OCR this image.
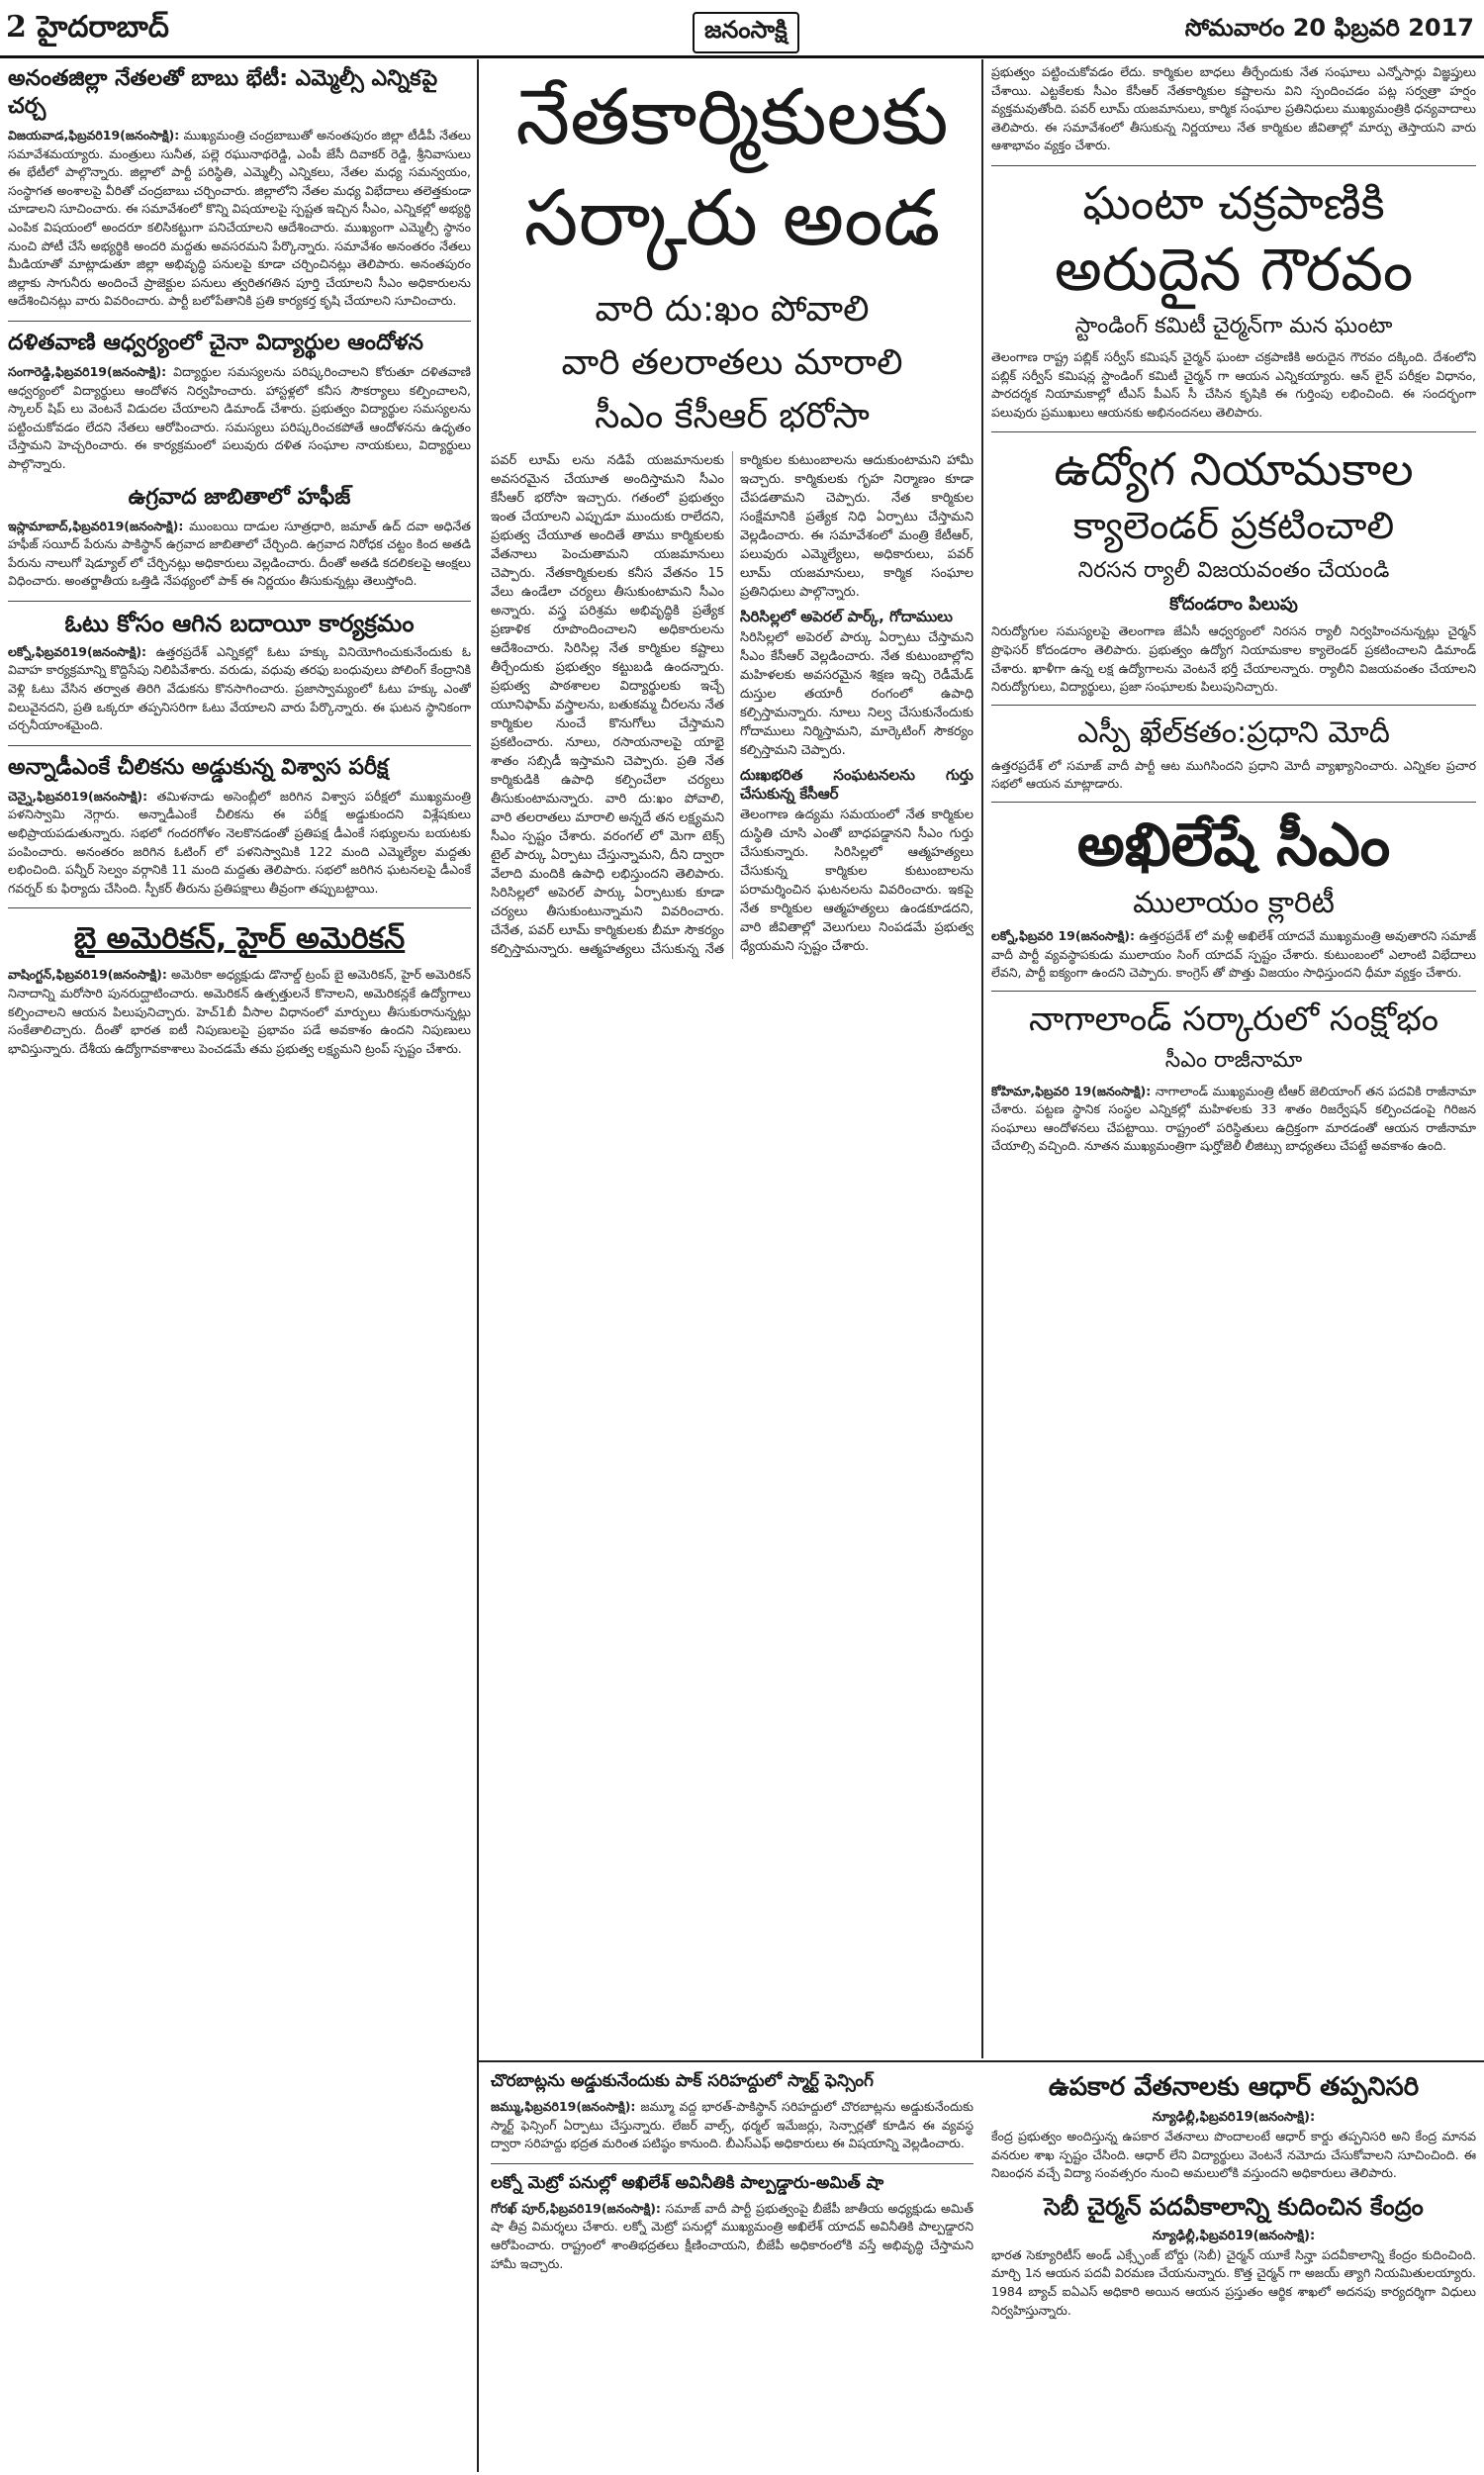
2 హైదరాబాద్	జనంసాక్షి	సోమవారం 20 ఫిబ్రవరి 2017
అనంతజిల్లా నేతలతో బాబు భేటీ: ఎమ్మెల్సీ ఎన్నికపై చర్చ
విజయవాడ,ఫిబ్రవరి19(జనంసాక్షి): ముఖ్యమంత్రి చంద్రబాబుతో అనంతపురం జిల్లా టీడీపీ నేతలు సమావేశమయ్యారు. మంత్రులు సునీత, పల్లె రఘునాథరెడ్డి, ఎంపీ జేసీ దివాకర్ రెడ్డి, శ్రీనివాసులు ఈ భేటీలో పాల్గొన్నారు. జిల్లాలో పార్టీ పరిస్థితి, ఎమ్మెల్సీ ఎన్నికలు, నేతల మధ్య సమన్వయం, సంస్థాగత అంశాలపై వీరితో చంద్రబాబు చర్చించారు. జిల్లాలోని నేతల మధ్య విభేదాలు తలెత్తకుండా చూడాలని సూచించారు. ఈ సమావేశంలో కొన్ని విషయాలపై స్పష్టత ఇచ్చిన సీఎం, ఎన్నికల్లో అభ్యర్థి ఎంపిక విషయంలో అందరూ కలిసికట్టుగా పనిచేయాలని ఆదేశించారు. ముఖ్యంగా ఎమ్మెల్సీ స్థానం నుంచి పోటీ చేసే అభ్యర్థికి అందరి మద్దతు అవసరమని పేర్కొన్నారు. సమావేశం అనంతరం నేతలు మీడియాతో మాట్లాడుతూ జిల్లా అభివృద్ధి పనులపై కూడా చర్చించినట్లు తెలిపారు. అనంతపురం జిల్లాకు సాగునీరు అందించే ప్రాజెక్టుల పనులు త్వరితగతిన పూర్తి చేయాలని సీఎం అధికారులను ఆదేశించినట్లు వారు వివరించారు. పార్టీ బలోపేతానికి ప్రతి కార్యకర్త కృషి చేయాలని సూచించారు.
దళితవాణి ఆధ్వర్యంలో చైనా విద్యార్థుల ఆందోళన
సంగారెడ్డి,ఫిబ్రవరి19(జనంసాక్షి): విద్యార్థుల సమస్యలను పరిష్కరించాలని కోరుతూ దళితవాణి ఆధ్వర్యంలో విద్యార్థులు ఆందోళన నిర్వహించారు. హాస్టళ్లలో కనీస సౌకర్యాలు కల్పించాలని, స్కాలర్ షిప్ లు వెంటనే విడుదల చేయాలని డిమాండ్ చేశారు. ప్రభుత్వం విద్యార్థుల సమస్యలను పట్టించుకోవడం లేదని నేతలు ఆరోపించారు. సమస్యలు పరిష్కరించకపోతే ఆందోళనను ఉధృతం చేస్తామని హెచ్చరించారు. ఈ కార్యక్రమంలో పలువురు దళిత సంఘాల నాయకులు, విద్యార్థులు పాల్గొన్నారు.
ఉగ్రవాద జాబితాలో హఫీజ్
ఇస్లామాబాద్,ఫిబ్రవరి19(జనంసాక్షి): ముంబయి దాడుల సూత్రధారి, జమాత్ ఉద్ దవా అధినేత హఫీజ్ సయీద్ పేరును పాకిస్థాన్ ఉగ్రవాద జాబితాలో చేర్చింది. ఉగ్రవాద నిరోధక చట్టం కింద అతడి పేరును నాలుగో షెడ్యూల్ లో చేర్చినట్లు అధికారులు వెల్లడించారు. దీంతో అతడి కదలికలపై ఆంక్షలు విధించారు. అంతర్జాతీయ ఒత్తిడి నేపథ్యంలో పాక్ ఈ నిర్ణయం తీసుకున్నట్లు తెలుస్తోంది.
ఓటు కోసం ఆగిన బదాయీ కార్యక్రమం
లక్నో,ఫిబ్రవరి19(జనంసాక్షి): ఉత్తరప్రదేశ్ ఎన్నికల్లో ఓటు హక్కు వినియోగించుకునేందుకు ఓ వివాహ కార్యక్రమాన్ని కొద్దిసేపు నిలిపివేశారు. వరుడు, వధువు తరఫు బంధువులు పోలింగ్ కేంద్రానికి వెళ్లి ఓటు వేసిన తర్వాత తిరిగి వేడుకను కొనసాగించారు. ప్రజాస్వామ్యంలో ఓటు హక్కు ఎంతో విలువైనదని, ప్రతి ఒక్కరూ తప్పనిసరిగా ఓటు వేయాలని వారు పేర్కొన్నారు. ఈ ఘటన స్థానికంగా చర్చనీయాంశమైంది.
అన్నాడీఎంకే చీలికను అడ్డుకున్న విశ్వాస పరీక్ష
చెన్నై,ఫిబ్రవరి19(జనంసాక్షి): తమిళనాడు అసెంబ్లీలో జరిగిన విశ్వాస పరీక్షలో ముఖ్యమంత్రి పళనిస్వామి నెగ్గారు. అన్నాడీఎంకే చీలికను ఈ పరీక్ష అడ్డుకుందని విశ్లేషకులు అభిప్రాయపడుతున్నారు. సభలో గందరగోళం నెలకొనడంతో ప్రతిపక్ష డీఎంకే సభ్యులను బయటకు పంపించారు. అనంతరం జరిగిన ఓటింగ్ లో పళనిస్వామికి 122 మంది ఎమ్మెల్యేల మద్దతు లభించింది. పన్నీర్ సెల్వం వర్గానికి 11 మంది మద్దతు తెలిపారు. సభలో జరిగిన ఘటనలపై డీఎంకే గవర్నర్ కు ఫిర్యాదు చేసింది. స్పీకర్ తీరును ప్రతిపక్షాలు తీవ్రంగా తప్పుబట్టాయి.
బై అమెరికన్, హైర్ అమెరికన్
వాషింగ్టన్,ఫిబ్రవరి19(జనంసాక్షి): అమెరికా అధ్యక్షుడు డొనాల్డ్ ట్రంప్ బై అమెరికన్, హైర్ అమెరికన్ నినాదాన్ని మరోసారి పునరుద్ఘాటించారు. అమెరికన్ ఉత్పత్తులనే కొనాలని, అమెరికన్లకే ఉద్యోగాలు కల్పించాలని ఆయన పిలుపునిచ్చారు. హెచ్1బీ వీసాల విధానంలో మార్పులు తీసుకురానున్నట్లు సంకేతాలిచ్చారు. దీంతో భారత ఐటీ నిపుణులపై ప్రభావం పడే అవకాశం ఉందని నిపుణులు భావిస్తున్నారు. దేశీయ ఉద్యోగావకాశాలు పెంచడమే తమ ప్రభుత్వ లక్ష్యమని ట్రంప్ స్పష్టం చేశారు.
నేతకార్మికులకు
సర్కారు అండ
వారి దు:ఖం పోవాలి
వారి తలరాతలు మారాలి
సీఎం కేసీఆర్ భరోసా
పవర్ లూమ్ లను నడిపే యజమానులకు అవసరమైన చేయూత అందిస్తామని సీఎం కేసీఆర్ భరోసా ఇచ్చారు. గతంలో ప్రభుత్వం ఇంత చేయాలని ఎప్పుడూ ముందుకు రాలేదని, ప్రభుత్వ చేయూత అందితే తాము కార్మికులకు వేతనాలు పెంచుతామని యజమానులు చెప్పారు. నేతకార్మికులకు కనీస వేతనం 15 వేలు ఉండేలా చర్యలు తీసుకుంటామని సీఎం అన్నారు. వస్త్ర పరిశ్రమ అభివృద్ధికి ప్రత్యేక ప్రణాళిక రూపొందించాలని అధికారులను ఆదేశించారు. సిరిసిల్ల నేత కార్మికుల కష్టాలు తీర్చేందుకు ప్రభుత్వం కట్టుబడి ఉందన్నారు. ప్రభుత్వ పాఠశాలల విద్యార్థులకు ఇచ్చే యూనిఫామ్ వస్త్రాలను, బతుకమ్మ చీరలను నేత కార్మికుల నుంచే కొనుగోలు చేస్తామని ప్రకటించారు. నూలు, రసాయనాలపై యాభై శాతం సబ్సిడీ ఇస్తామని చెప్పారు. ప్రతి నేత కార్మికుడికి ఉపాధి కల్పించేలా చర్యలు తీసుకుంటామన్నారు. వారి దు:ఖం పోవాలి, వారి తలరాతలు మారాలి అన్నదే తన లక్ష్యమని సీఎం స్పష్టం చేశారు. వరంగల్ లో మెగా టెక్స్ టైల్ పార్కు ఏర్పాటు చేస్తున్నామని, దీని ద్వారా వేలాది మందికి ఉపాధి లభిస్తుందని తెలిపారు. సిరిసిల్లలో అపెరల్ పార్కు ఏర్పాటుకు కూడా చర్యలు తీసుకుంటున్నామని వివరించారు. చేనేత, పవర్ లూమ్ కార్మికులకు బీమా సౌకర్యం కల్పిస్తామన్నారు. ఆత్మహత్యలు చేసుకున్న నేత కార్మికుల కుటుంబాలను ఆదుకుంటామని హామీ ఇచ్చారు. కార్మికులకు గృహ నిర్మాణం కూడా చేపడతామని చెప్పారు. నేత కార్మికుల సంక్షేమానికి ప్రత్యేక నిధి ఏర్పాటు చేస్తామని వెల్లడించారు. ఈ సమావేశంలో మంత్రి కేటీఆర్, పలువురు ఎమ్మెల్యేలు, అధికారులు, పవర్ లూమ్ యజమానులు, కార్మిక సంఘాల ప్రతినిధులు పాల్గొన్నారు.
సిరిసిల్లలో అపెరల్ పార్క్, గోదాములు
సిరిసిల్లలో అపెరల్ పార్కు ఏర్పాటు చేస్తామని సీఎం కేసీఆర్ వెల్లడించారు. నేత కుటుంబాల్లోని మహిళలకు అవసరమైన శిక్షణ ఇచ్చి రెడీమేడ్ దుస్తుల తయారీ రంగంలో ఉపాధి కల్పిస్తామన్నారు. నూలు నిల్వ చేసుకునేందుకు గోదాములు నిర్మిస్తామని, మార్కెటింగ్ సౌకర్యం కల్పిస్తామని చెప్పారు.
దుఃఖభరిత సంఘటనలను గుర్తు చేసుకున్న కేసీఆర్
తెలంగాణ ఉద్యమ సమయంలో నేత కార్మికుల దుస్థితి చూసి ఎంతో బాధపడ్డానని సీఎం గుర్తు చేసుకున్నారు. సిరిసిల్లలో ఆత్మహత్యలు చేసుకున్న కార్మికుల కుటుంబాలను పరామర్శించిన ఘటనలను వివరించారు. ఇకపై నేత కార్మికుల ఆత్మహత్యలు ఉండకూడదని, వారి జీవితాల్లో వెలుగులు నింపడమే ప్రభుత్వ ధ్యేయమని స్పష్టం చేశారు.
చొరబాట్లను అడ్డుకునేందుకు పాక్ సరిహద్దులో స్మార్ట్ ఫెన్సింగ్
జమ్ము,ఫిబ్రవరి19(జనంసాక్షి): జమ్మూ వద్ద భారత్-పాకిస్థాన్ సరిహద్దులో చొరబాట్లను అడ్డుకునేందుకు స్మార్ట్ ఫెన్సింగ్ ఏర్పాటు చేస్తున్నారు. లేజర్ వాల్స్, థర్మల్ ఇమేజర్లు, సెన్సార్లతో కూడిన ఈ వ్యవస్థ ద్వారా సరిహద్దు భద్రత మరింత పటిష్ఠం కానుంది. బీఎస్ఎఫ్ అధికారులు ఈ విషయాన్ని వెల్లడించారు.
లక్నో మెట్రో పనుల్లో అఖిలేశ్ అవినీతికి పాల్పడ్డారు-అమిత్ షా
గోరఖ్ పూర్,ఫిబ్రవరి19(జనంసాక్షి): సమాజ్ వాదీ పార్టీ ప్రభుత్వంపై బీజేపీ జాతీయ అధ్యక్షుడు అమిత్ షా తీవ్ర విమర్శలు చేశారు. లక్నో మెట్రో పనుల్లో ముఖ్యమంత్రి అఖిలేశ్ యాదవ్ అవినీతికి పాల్పడ్డారని ఆరోపించారు. రాష్ట్రంలో శాంతిభద్రతలు క్షీణించాయని, బీజేపీ అధికారంలోకి వస్తే అభివృద్ధి చేస్తామని హామీ ఇచ్చారు.
ప్రభుత్వం పట్టించుకోవడం లేదు. కార్మికుల బాధలు తీర్చేందుకు నేత సంఘాలు ఎన్నోసార్లు విజ్ఞప్తులు చేశాయి. ఎట్టకేలకు సీఎం కేసీఆర్ నేతకార్మికుల కష్టాలను విని స్పందించడం పట్ల సర్వత్రా హర్షం వ్యక్తమవుతోంది. పవర్ లూమ్ యజమానులు, కార్మిక సంఘాల ప్రతినిధులు ముఖ్యమంత్రికి ధన్యవాదాలు తెలిపారు. ఈ సమావేశంలో తీసుకున్న నిర్ణయాలు నేత కార్మికుల జీవితాల్లో మార్పు తెస్తాయని వారు ఆశాభావం వ్యక్తం చేశారు.
ఘంటా చక్రపాణికి
అరుదైన గౌరవం
స్టాండింగ్ కమిటీ చైర్మన్‌గా మన ఘంటా
తెలంగాణ రాష్ట్ర పబ్లిక్ సర్వీస్ కమిషన్ చైర్మన్ ఘంటా చక్రపాణికి అరుదైన గౌరవం దక్కింది. దేశంలోని పబ్లిక్ సర్వీస్ కమిషన్ల స్టాండింగ్ కమిటీ చైర్మన్ గా ఆయన ఎన్నికయ్యారు. ఆన్ లైన్ పరీక్షల విధానం, పారదర్శక నియామకాల్లో టీఎస్ పీఎస్ సీ చేసిన కృషికి ఈ గుర్తింపు లభించింది. ఈ సందర్భంగా పలువురు ప్రముఖులు ఆయనకు అభినందనలు తెలిపారు.
ఉద్యోగ నియామకాల
క్యాలెండర్ ప్రకటించాలి
నిరసన ర్యాలీ విజయవంతం చేయండి
కోదండరాం పిలుపు
నిరుద్యోగుల సమస్యలపై తెలంగాణ జేఏసీ ఆధ్వర్యంలో నిరసన ర్యాలీ నిర్వహించనున్నట్లు చైర్మన్ ప్రొఫెసర్ కోదండరాం తెలిపారు. ప్రభుత్వం ఉద్యోగ నియామకాల క్యాలెండర్ ప్రకటించాలని డిమాండ్ చేశారు. ఖాళీగా ఉన్న లక్ష ఉద్యోగాలను వెంటనే భర్తీ చేయాలన్నారు. ర్యాలీని విజయవంతం చేయాలని నిరుద్యోగులు, విద్యార్థులు, ప్రజా సంఘాలకు పిలుపునిచ్చారు.
ఎస్పీ ఖేల్‌కతం:ప్రధాని మోదీ
ఉత్తరప్రదేశ్ లో సమాజ్ వాదీ పార్టీ ఆట ముగిసిందని ప్రధాని మోదీ వ్యాఖ్యానించారు. ఎన్నికల ప్రచార సభలో ఆయన మాట్లాడారు.
అఖిలేషే సీఎం
ములాయం క్లారిటీ
లక్నో,ఫిబ్రవరి 19(జనంసాక్షి): ఉత్తరప్రదేశ్ లో మళ్లీ అఖిలేశ్ యాదవే ముఖ్యమంత్రి అవుతారని సమాజ్ వాదీ పార్టీ వ్యవస్థాపకుడు ములాయం సింగ్ యాదవ్ స్పష్టం చేశారు. కుటుంబంలో ఎలాంటి విభేదాలు లేవని, పార్టీ ఐక్యంగా ఉందని చెప్పారు. కాంగ్రెస్ తో పొత్తు విజయం సాధిస్తుందని ధీమా వ్యక్తం చేశారు.
నాగాలాండ్ సర్కారులో సంక్షోభం
సీఎం రాజీనామా
కోహిమా,ఫిబ్రవరి 19(జనంసాక్షి): నాగాలాండ్ ముఖ్యమంత్రి టీఆర్ జెలియాంగ్ తన పదవికి రాజీనామా చేశారు. పట్టణ స్థానిక సంస్థల ఎన్నికల్లో మహిళలకు 33 శాతం రిజర్వేషన్ కల్పించడంపై గిరిజన సంఘాలు ఆందోళనలు చేపట్టాయి. రాష్ట్రంలో పరిస్థితులు ఉద్రిక్తంగా మారడంతో ఆయన రాజీనామా చేయాల్సి వచ్చింది. నూతన ముఖ్యమంత్రిగా షుర్హోజెలీ లీజిట్సు బాధ్యతలు చేపట్టే అవకాశం ఉంది.
ఉపకార వేతనాలకు ఆధార్ తప్పనిసరి
న్యూఢిల్లీ,ఫిబ్రవరి19(జనంసాక్షి):
కేంద్ర ప్రభుత్వం అందిస్తున్న ఉపకార వేతనాలు పొందాలంటే ఆధార్ కార్డు తప్పనిసరి అని కేంద్ర మానవ వనరుల శాఖ స్పష్టం చేసింది. ఆధార్ లేని విద్యార్థులు వెంటనే నమోదు చేసుకోవాలని సూచించింది. ఈ నిబంధన వచ్చే విద్యా సంవత్సరం నుంచి అమలులోకి వస్తుందని అధికారులు తెలిపారు.
సెబీ చైర్మన్ పదవీకాలాన్ని కుదించిన కేంద్రం
న్యూఢిల్లీ,ఫిబ్రవరి19(జనంసాక్షి):
భారత సెక్యూరిటీస్ అండ్ ఎక్స్ఛేంజ్ బోర్డు (సెబీ) చైర్మన్ యూకే సిన్హా పదవీకాలాన్ని కేంద్రం కుదించింది. మార్చి 1న ఆయన పదవీ విరమణ చేయనున్నారు. కొత్త చైర్మన్ గా అజయ్ త్యాగి నియమితులయ్యారు. 1984 బ్యాచ్ ఐఏఎస్ అధికారి అయిన ఆయన ప్రస్తుతం ఆర్థిక శాఖలో అదనపు కార్యదర్శిగా విధులు నిర్వహిస్తున్నారు.
